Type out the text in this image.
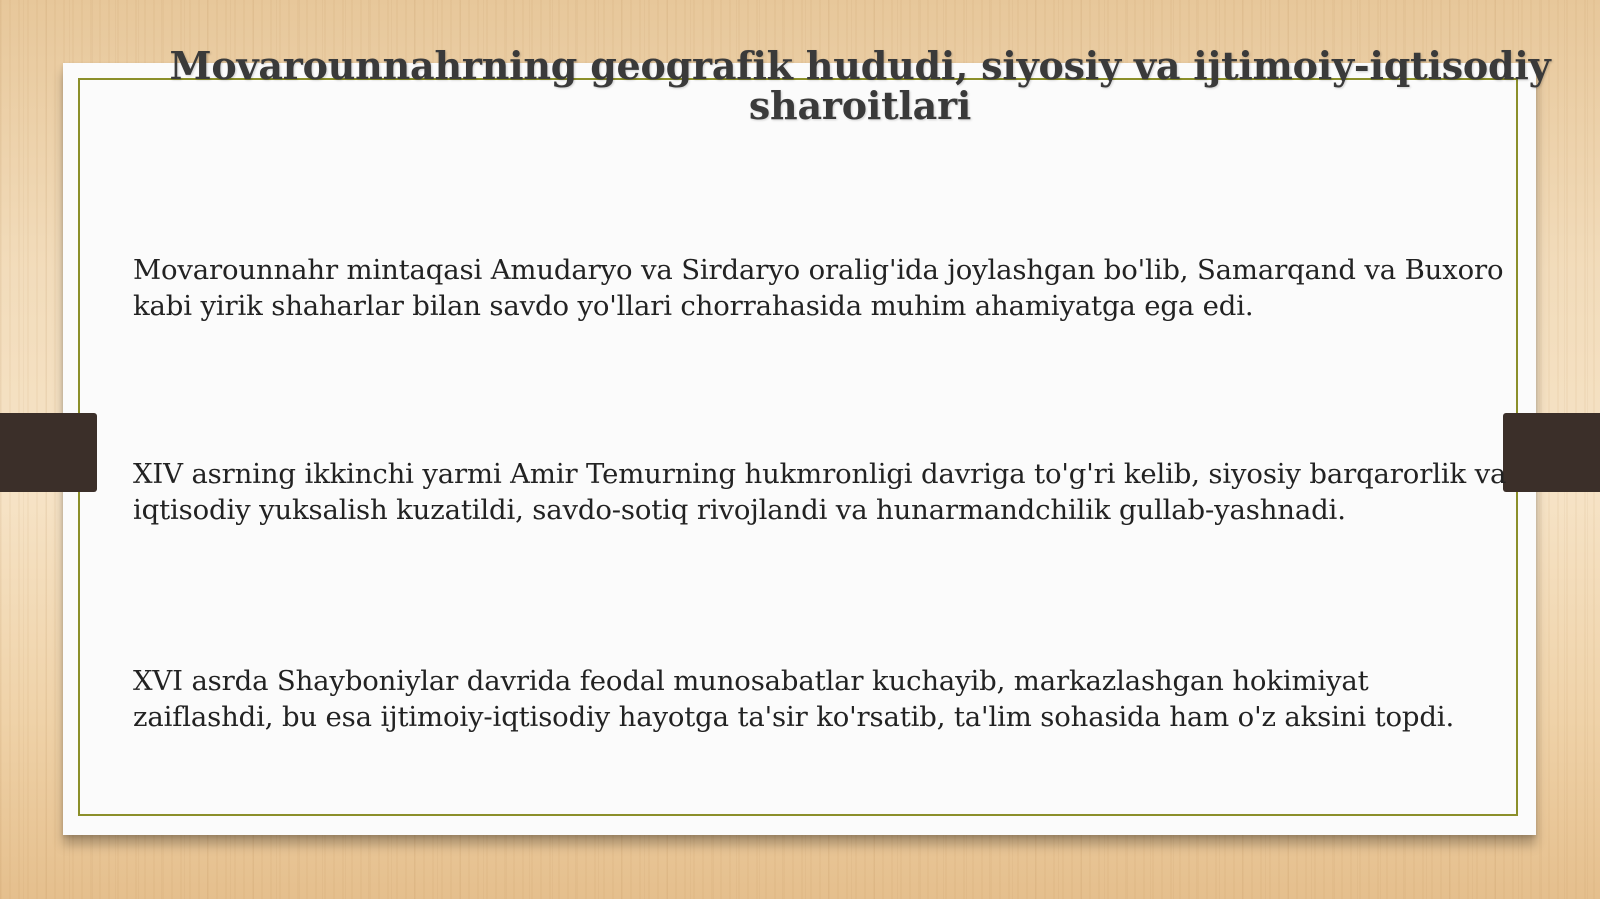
Movarounnahrning geografik hududi, siyosiy va ijtimoiy-iqtisodiy sharoitlari

Movarounnahr mintaqasi Amudaryo va Sirdaryo oralig'ida joylashgan bo'lib, Samarqand va Buxoro kabi yirik shaharlar bilan savdo yo'llari chorrahasida muhim ahamiyatga ega edi.

XIV asrning ikkinchi yarmi Amir Temurning hukmronligi davriga to'g'ri kelib, siyosiy barqarorlik va iqtisodiy yuksalish kuzatildi, savdo-sotiq rivojlandi va hunarmandchilik gullab-yashnadi.

XVI asrda Shayboniylar davrida feodal munosabatlar kuchayib, markazlashgan hokimiyat zaiflashdi, bu esa ijtimoiy-iqtisodiy hayotga ta'sir ko'rsatib, ta'lim sohasida ham o'z aksini topdi.
